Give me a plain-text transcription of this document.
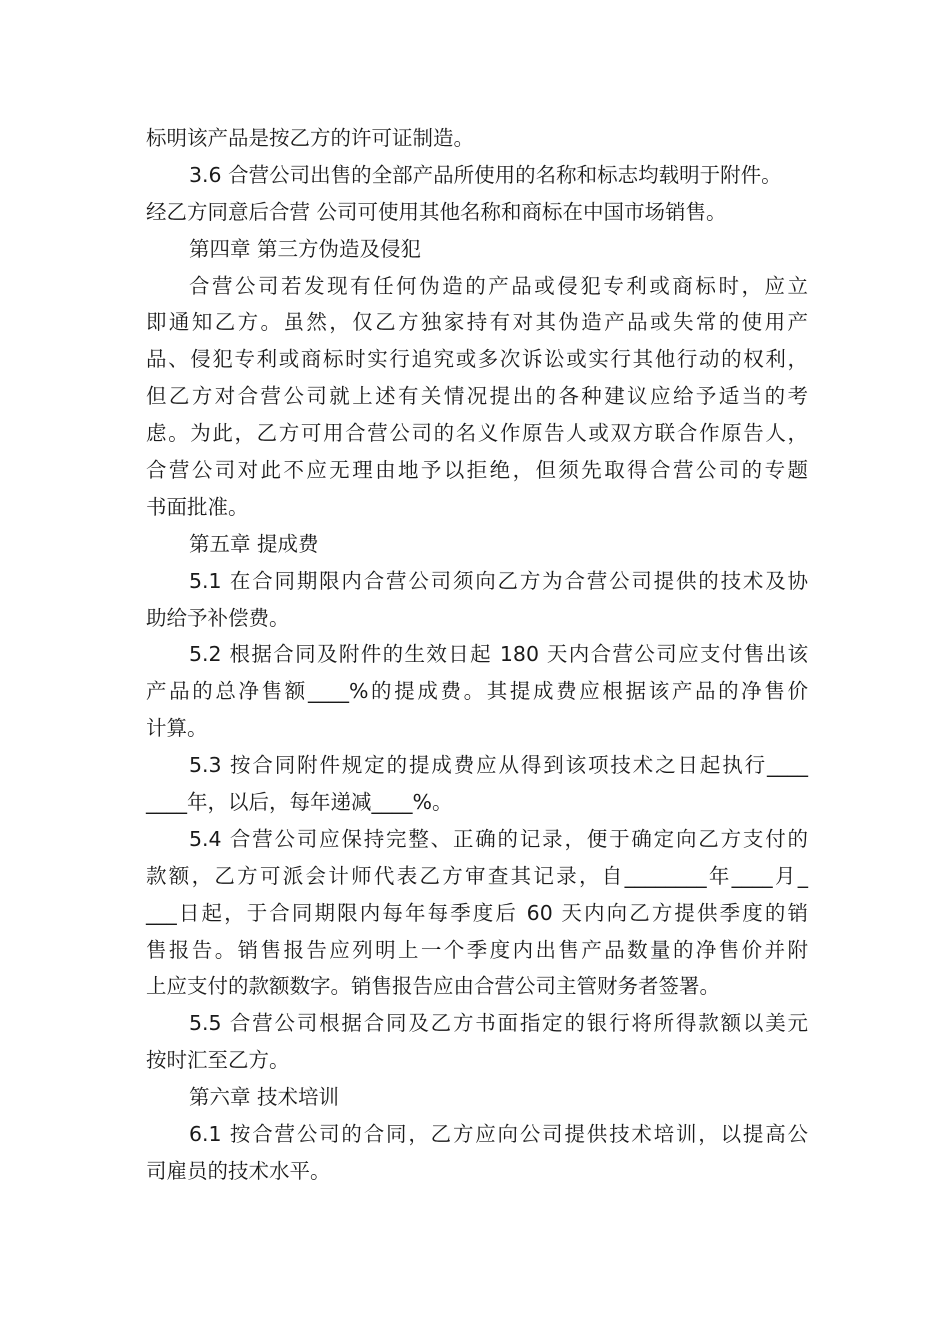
标明该产品是按乙方的许可证制造。
3.6 合营公司出售的全部产品所使用的名称和标志均载明于附件。
经乙方同意后合营 公司可使用其他名称和商标在中国市场销售。
第四章 第三方伪造及侵犯
合营公司若发现有任何伪造的产品或侵犯专利或商标时，应立
即通知乙方。虽然，仅乙方独家持有对其伪造产品或失常的使用产
品、侵犯专利或商标时实行追究或多次诉讼或实行其他行动的权利，
但乙方对合营公司就上述有关情况提出的各种建议应给予适当的考
虑。为此，乙方可用合营公司的名义作原告人或双方联合作原告人，
合营公司对此不应无理由地予以拒绝，但须先取得合营公司的专题
书面批准。
第五章 提成费
5.1 在合同期限内合营公司须向乙方为合营公司提供的技术及协
助给予补偿费。
5.2 根据合同及附件的生效日起 180 天内合营公司应支付售出该
产品的总净售额____%的提成费。其提成费应根据该产品的净售价
计算。
5.3 按合同附件规定的提成费应从得到该项技术之日起执行____
____年，以后，每年递减____%。
5.4 合营公司应保持完整、正确的记录，便于确定向乙方支付的
款额，乙方可派会计师代表乙方审查其记录，自________年____月_
___日起，于合同期限内每年每季度后 60 天内向乙方提供季度的销
售报告。销售报告应列明上一个季度内出售产品数量的净售价并附
上应支付的款额数字。销售报告应由合营公司主管财务者签署。
5.5 合营公司根据合同及乙方书面指定的银行将所得款额以美元
按时汇至乙方。
第六章 技术培训
6.1 按合营公司的合同，乙方应向公司提供技术培训，以提高公
司雇员的技术水平。
